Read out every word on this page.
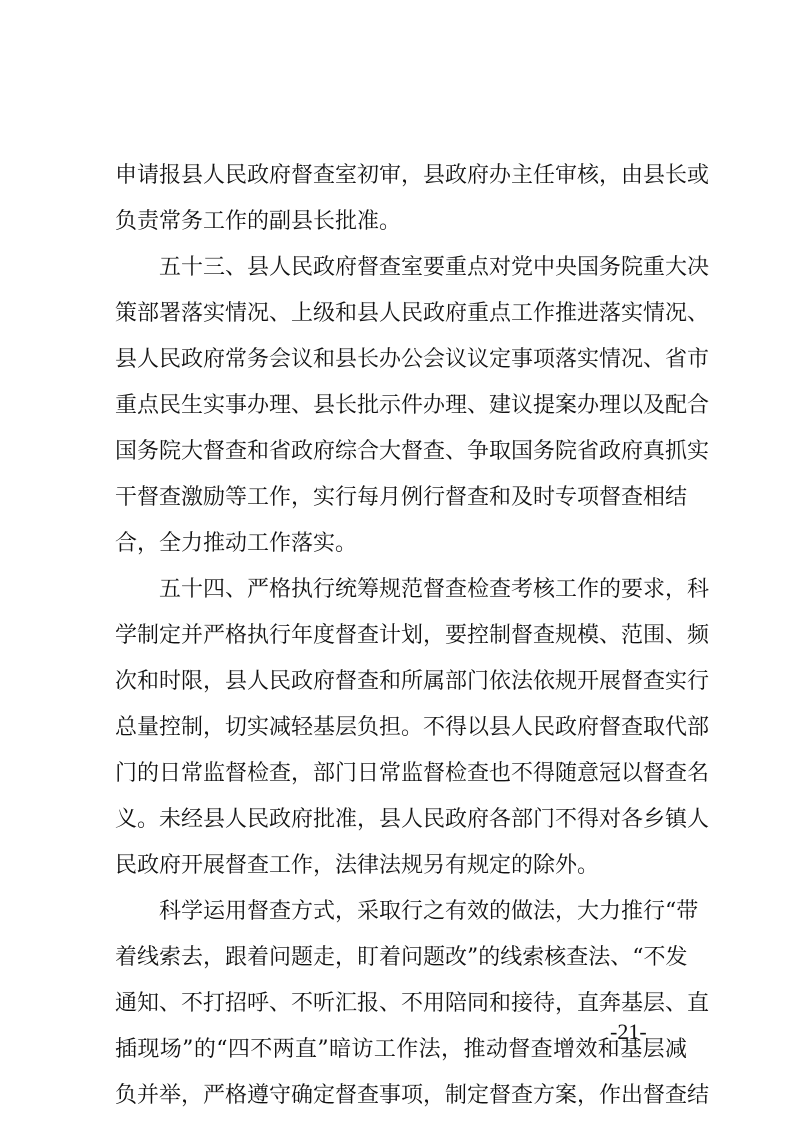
申请报县人民政府督查室初审，县政府办主任审核，由县长或
负责常务工作的副县长批准。
五十三、县人民政府督查室要重点对党中央国务院重大决
策部署落实情况、上级和县人民政府重点工作推进落实情况、
县人民政府常务会议和县长办公会议议定事项落实情况、省市
重点民生实事办理、县长批示件办理、建议提案办理以及配合
国务院大督查和省政府综合大督查、争取国务院省政府真抓实
干督查激励等工作，实行每月例行督查和及时专项督查相结
合，全力推动工作落实。
五十四、严格执行统筹规范督查检查考核工作的要求，科
学制定并严格执行年度督查计划，要控制督查规模、范围、频
次和时限，县人民政府督查和所属部门依法依规开展督查实行
总量控制，切实减轻基层负担。不得以县人民政府督查取代部
门的日常监督检查，部门日常监督检查也不得随意冠以督查名
义。未经县人民政府批准，县人民政府各部门不得对各乡镇人
民政府开展督查工作，法律法规另有规定的除外。
科学运用督查方式，采取行之有效的做法，大力推行“带
着线索去，跟着问题走，盯着问题改”的线索核查法、“不发
通知、不打招呼、不听汇报、不用陪同和接待，直奔基层、直
插现场”的“四不两直”暗访工作法，推动督查增效和基层减
负并举，严格遵守确定督查事项，制定督查方案，作出督查结
-21-
